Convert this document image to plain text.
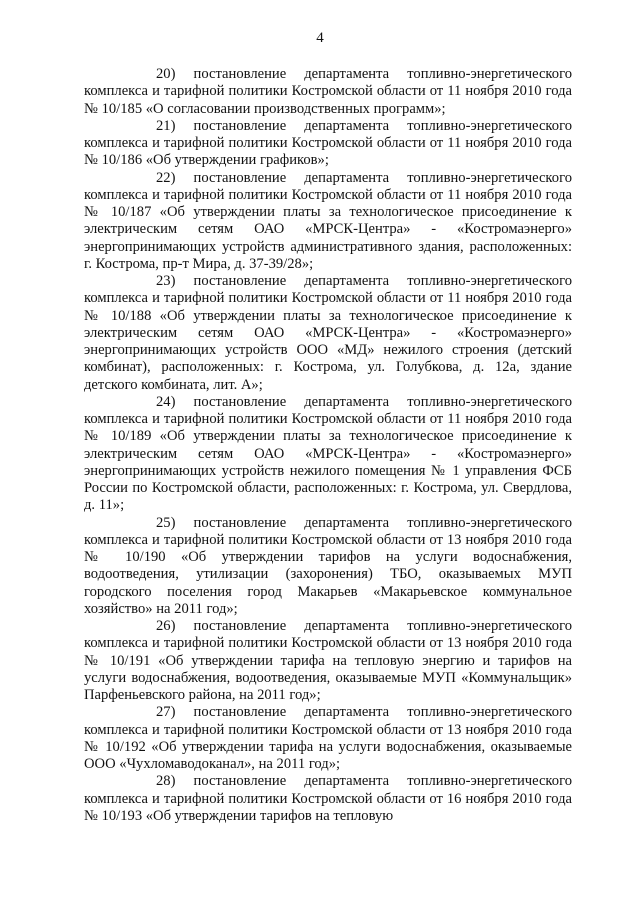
4

20) постановление департамента топливно-энергетического комплекса и тарифной политики Костромской области от 11 ноября 2010 года № 10/185 «О согласовании производственных программ»;

21) постановление департамента топливно-энергетического комплекса и тарифной политики Костромской области от 11 ноября 2010 года № 10/186 «Об утверждении графиков»;

22) постановление департамента топливно-энергетического комплекса и тарифной политики Костромской области от 11 ноября 2010 года № 10/187 «Об утверждении платы за технологическое присоединение к электрическим сетям ОАО «МРСК-Центра» - «Костромаэнерго» энергопринимающих устройств административного здания, расположенных: г. Кострома, пр-т Мира, д. 37-39/28»;

23) постановление департамента топливно-энергетического комплекса и тарифной политики Костромской области от 11 ноября 2010 года № 10/188 «Об утверждении платы за технологическое присоединение к электрическим сетям ОАО «МРСК-Центра» - «Костромаэнерго» энергопринимающих устройств ООО «МД» нежилого строения (детский комбинат), расположенных: г. Кострома, ул. Голубкова, д. 12а, здание детского комбината, лит. А»;

24) постановление департамента топливно-энергетического комплекса и тарифной политики Костромской области от 11 ноября 2010 года № 10/189 «Об утверждении платы за технологическое присоединение к электрическим сетям ОАО «МРСК-Центра» - «Костромаэнерго» энергопринимающих устройств нежилого помещения № 1 управления ФСБ России по Костромской области, расположенных: г. Кострома, ул. Свердлова, д. 11»;

25) постановление департамента топливно-энергетического комплекса и тарифной политики Костромской области от 13 ноября 2010 года № 10/190 «Об утверждении тарифов на услуги водоснабжения, водоотведения, утилизации (захоронения) ТБО, оказываемых МУП городского поселения город Макарьев «Макарьевское коммунальное хозяйство» на 2011 год»;

26) постановление департамента топливно-энергетического комплекса и тарифной политики Костромской области от 13 ноября 2010 года № 10/191 «Об утверждении тарифа на тепловую энергию и тарифов на услуги водоснабжения, водоотведения, оказываемые МУП «Коммунальщик» Парфеньевского района, на 2011 год»;

27) постановление департамента топливно-энергетического комплекса и тарифной политики Костромской области от 13 ноября 2010 года № 10/192 «Об утверждении тарифа на услуги водоснабжения, оказываемые ООО «Чухломаводоканал», на 2011 год»;

28) постановление департамента топливно-энергетического комплекса и тарифной политики Костромской области от 16 ноября 2010 года № 10/193 «Об утверждении тарифов на тепловую
